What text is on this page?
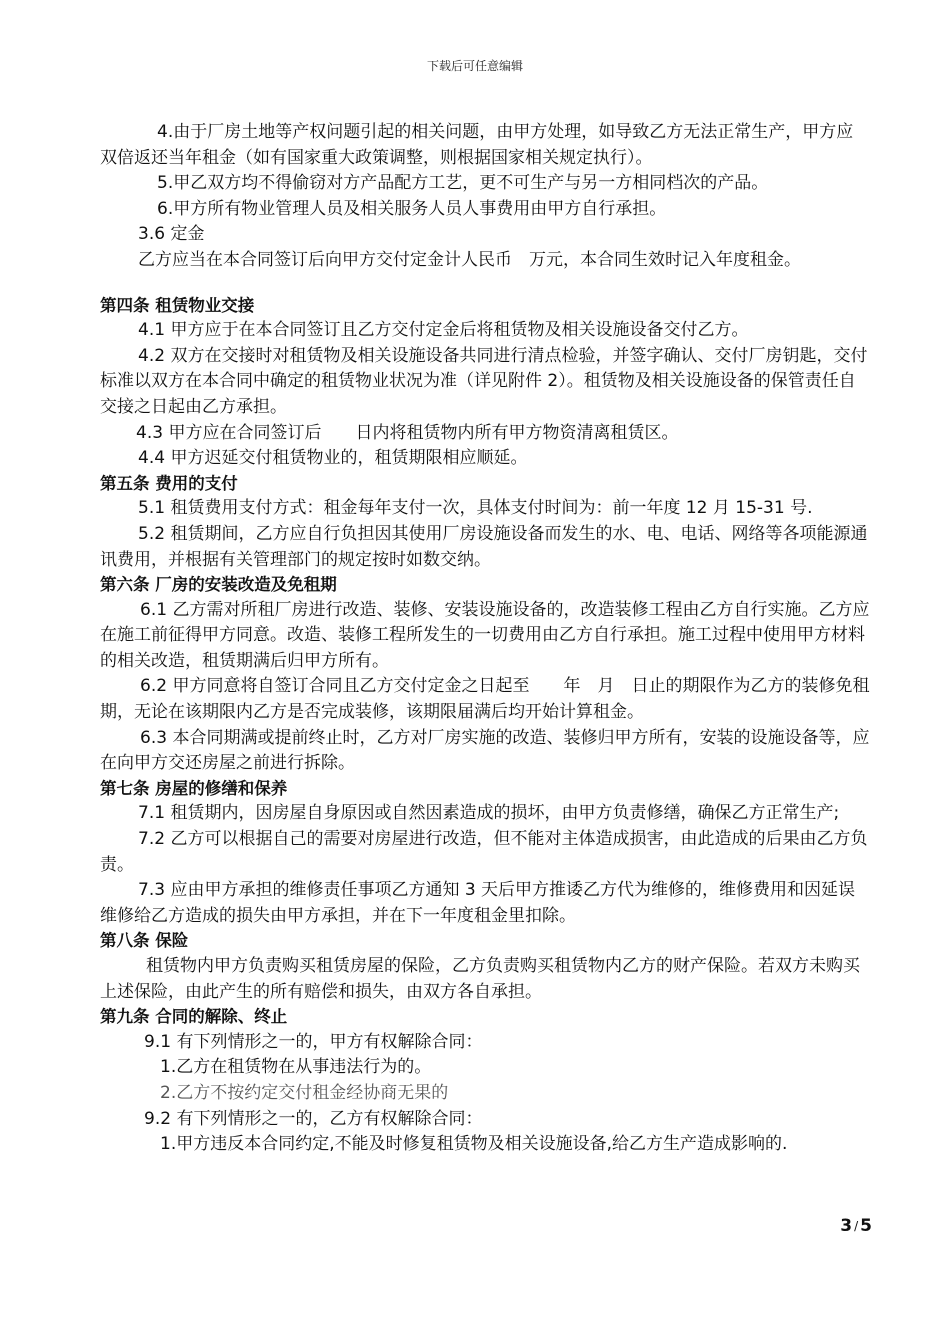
下载后可任意编辑

4.由于厂房土地等产权问题引起的相关问题，由甲方处理，如导致乙方无法正常生产，甲方应双倍返还当年租金（如有国家重大政策调整，则根据国家相关规定执行）。

5.甲乙双方均不得偷窃对方产品配方工艺，更不可生产与另一方相同档次的产品。

6.甲方所有物业管理人员及相关服务人员人事费用由甲方自行承担。

3.6 定金

乙方应当在本合同签订后向甲方交付定金计人民币　万元，本合同生效时记入年度租金。

第四条 租赁物业交接

4.1 甲方应于在本合同签订且乙方交付定金后将租赁物及相关设施设备交付乙方。

4.2 双方在交接时对租赁物及相关设施设备共同进行清点检验，并签字确认、交付厂房钥匙，交付标准以双方在本合同中确定的租赁物业状况为准（详见附件 2）。租赁物及相关设施设备的保管责任自交接之日起由乙方承担。

4.3 甲方应在合同签订后　　日内将租赁物内所有甲方物资清离租赁区。

4.4 甲方迟延交付租赁物业的，租赁期限相应顺延。

第五条 费用的支付

5.1 租赁费用支付方式：租金每年支付一次，具体支付时间为：前一年度 12 月 15-31 号.

5.2 租赁期间，乙方应自行负担因其使用厂房设施设备而发生的水、电、电话、网络等各项能源通讯费用，并根据有关管理部门的规定按时如数交纳。

第六条 厂房的安装改造及免租期

6.1 乙方需对所租厂房进行改造、装修、安装设施设备的，改造装修工程由乙方自行实施。乙方应在施工前征得甲方同意。改造、装修工程所发生的一切费用由乙方自行承担。施工过程中使用甲方材料的相关改造，租赁期满后归甲方所有。

6.2 甲方同意将自签订合同且乙方交付定金之日起至　　年　月　日止的期限作为乙方的装修免租期，无论在该期限内乙方是否完成装修，该期限届满后均开始计算租金。

6.3 本合同期满或提前终止时，乙方对厂房实施的改造、装修归甲方所有，安装的设施设备等，应在向甲方交还房屋之前进行拆除。

第七条 房屋的修缮和保养

7.1 租赁期内，因房屋自身原因或自然因素造成的损坏，由甲方负责修缮，确保乙方正常生产;

7.2 乙方可以根据自己的需要对房屋进行改造，但不能对主体造成损害，由此造成的后果由乙方负责。

7.3 应由甲方承担的维修责任事项乙方通知 3 天后甲方推诿乙方代为维修的，维修费用和因延误维修给乙方造成的损失由甲方承担，并在下一年度租金里扣除。

第八条 保险

租赁物内甲方负责购买租赁房屋的保险，乙方负责购买租赁物内乙方的财产保险。若双方未购买上述保险，由此产生的所有赔偿和损失，由双方各自承担。

第九条 合同的解除、终止

9.1 有下列情形之一的，甲方有权解除合同：

1.乙方在租赁物在从事违法行为的。

2.乙方不按约定交付租金经协商无果的

9.2 有下列情形之一的，乙方有权解除合同：

1.甲方违反本合同约定,不能及时修复租赁物及相关设施设备,给乙方生产造成影响的.

3 / 5
